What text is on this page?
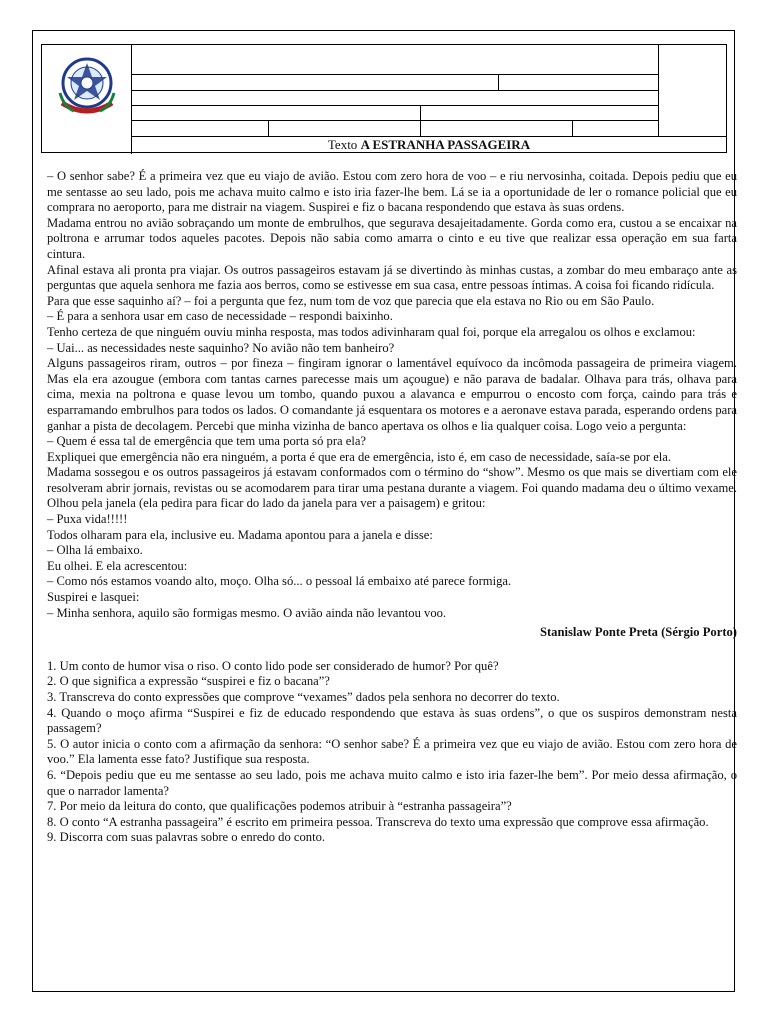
Texto A ESTRANHA PASSAGEIRA

– O senhor sabe? É a primeira vez que eu viajo de avião. Estou com zero hora de voo – e riu nervosinha, coitada. Depois pediu que eu me sentasse ao seu lado, pois me achava muito calmo e isto iria fazer-lhe bem. Lá se ia a oportunidade de ler o romance policial que eu comprara no aeroporto, para me distrair na viagem. Suspirei e fiz o bacana respondendo que estava às suas ordens.

Madama entrou no avião sobraçando um monte de embrulhos, que segurava desajeitadamente. Gorda como era, custou a se encaixar na poltrona e arrumar todos aqueles pacotes. Depois não sabia como amarra o cinto e eu tive que realizar essa operação em sua farta cintura.

Afinal estava ali pronta pra viajar. Os outros passageiros estavam já se divertindo às minhas custas, a zombar do meu embaraço ante as perguntas que aquela senhora me fazia aos berros, como se estivesse em sua casa, entre pessoas íntimas. A coisa foi ficando ridícula.

Para que esse saquinho aí? – foi a pergunta que fez, num tom de voz que parecia que ela estava no Rio ou em São Paulo.

– É para a senhora usar em caso de necessidade – respondi baixinho.

Tenho certeza de que ninguém ouviu minha resposta, mas todos adivinharam qual foi, porque ela arregalou os olhos e exclamou:

– Uai... as necessidades neste saquinho? No avião não tem banheiro?

Alguns passageiros riram, outros – por fineza – fingiram ignorar o lamentável equívoco da incômoda passageira de primeira viagem. Mas ela era azougue (embora com tantas carnes parecesse mais um açougue) e não parava de badalar. Olhava para trás, olhava para cima, mexia na poltrona e quase levou um tombo, quando puxou a alavanca e empurrou o encosto com força, caindo para trás e esparramando embrulhos para todos os lados. O comandante já esquentara os motores e a aeronave estava parada, esperando ordens para ganhar a pista de decolagem. Percebi que minha vizinha de banco apertava os olhos e lia qualquer coisa. Logo veio a pergunta:

– Quem é essa tal de emergência que tem uma porta só pra ela?

Expliquei que emergência não era ninguém, a porta é que era de emergência, isto é, em caso de necessidade, saía-se por ela.

Madama sossegou e os outros passageiros já estavam conformados com o término do “show”. Mesmo os que mais se divertiam com ele resolveram abrir jornais, revistas ou se acomodarem para tirar uma pestana durante a viagem. Foi quando madama deu o último vexame. Olhou pela janela (ela pedira para ficar do lado da janela para ver a paisagem) e gritou:

– Puxa vida!!!!!

Todos olharam para ela, inclusive eu. Madama apontou para a janela e disse:

– Olha lá embaixo.

Eu olhei. E ela acrescentou:

– Como nós estamos voando alto, moço. Olha só... o pessoal lá embaixo até parece formiga.

Suspirei e lasquei:

– Minha senhora, aquilo são formigas mesmo. O avião ainda não levantou voo.

Stanislaw Ponte Preta (Sérgio Porto)

1. Um conto de humor visa o riso. O conto lido pode ser considerado de humor? Por quê?

2. O que significa a expressão “suspirei e fiz o bacana”?

3. Transcreva do conto expressões que comprove “vexames” dados pela senhora no decorrer do texto.

4. Quando o moço afirma “Suspirei e fiz de educado respondendo que estava às suas ordens”, o que os suspiros demonstram nesta passagem?

5. O autor inicia o conto com a afirmação da senhora: “O senhor sabe? É a primeira vez que eu viajo de avião. Estou com zero hora de voo.” Ela lamenta esse fato? Justifique sua resposta.

6. “Depois pediu que eu me sentasse ao seu lado, pois me achava muito calmo e isto iria fazer-lhe bem”. Por meio dessa afirmação, o que o narrador lamenta?

7. Por meio da leitura do conto, que qualificações podemos atribuir à “estranha passageira”?

8. O conto “A estranha passageira” é escrito em primeira pessoa. Transcreva do texto uma expressão que comprove essa afirmação.

9. Discorra com suas palavras sobre o enredo do conto.
